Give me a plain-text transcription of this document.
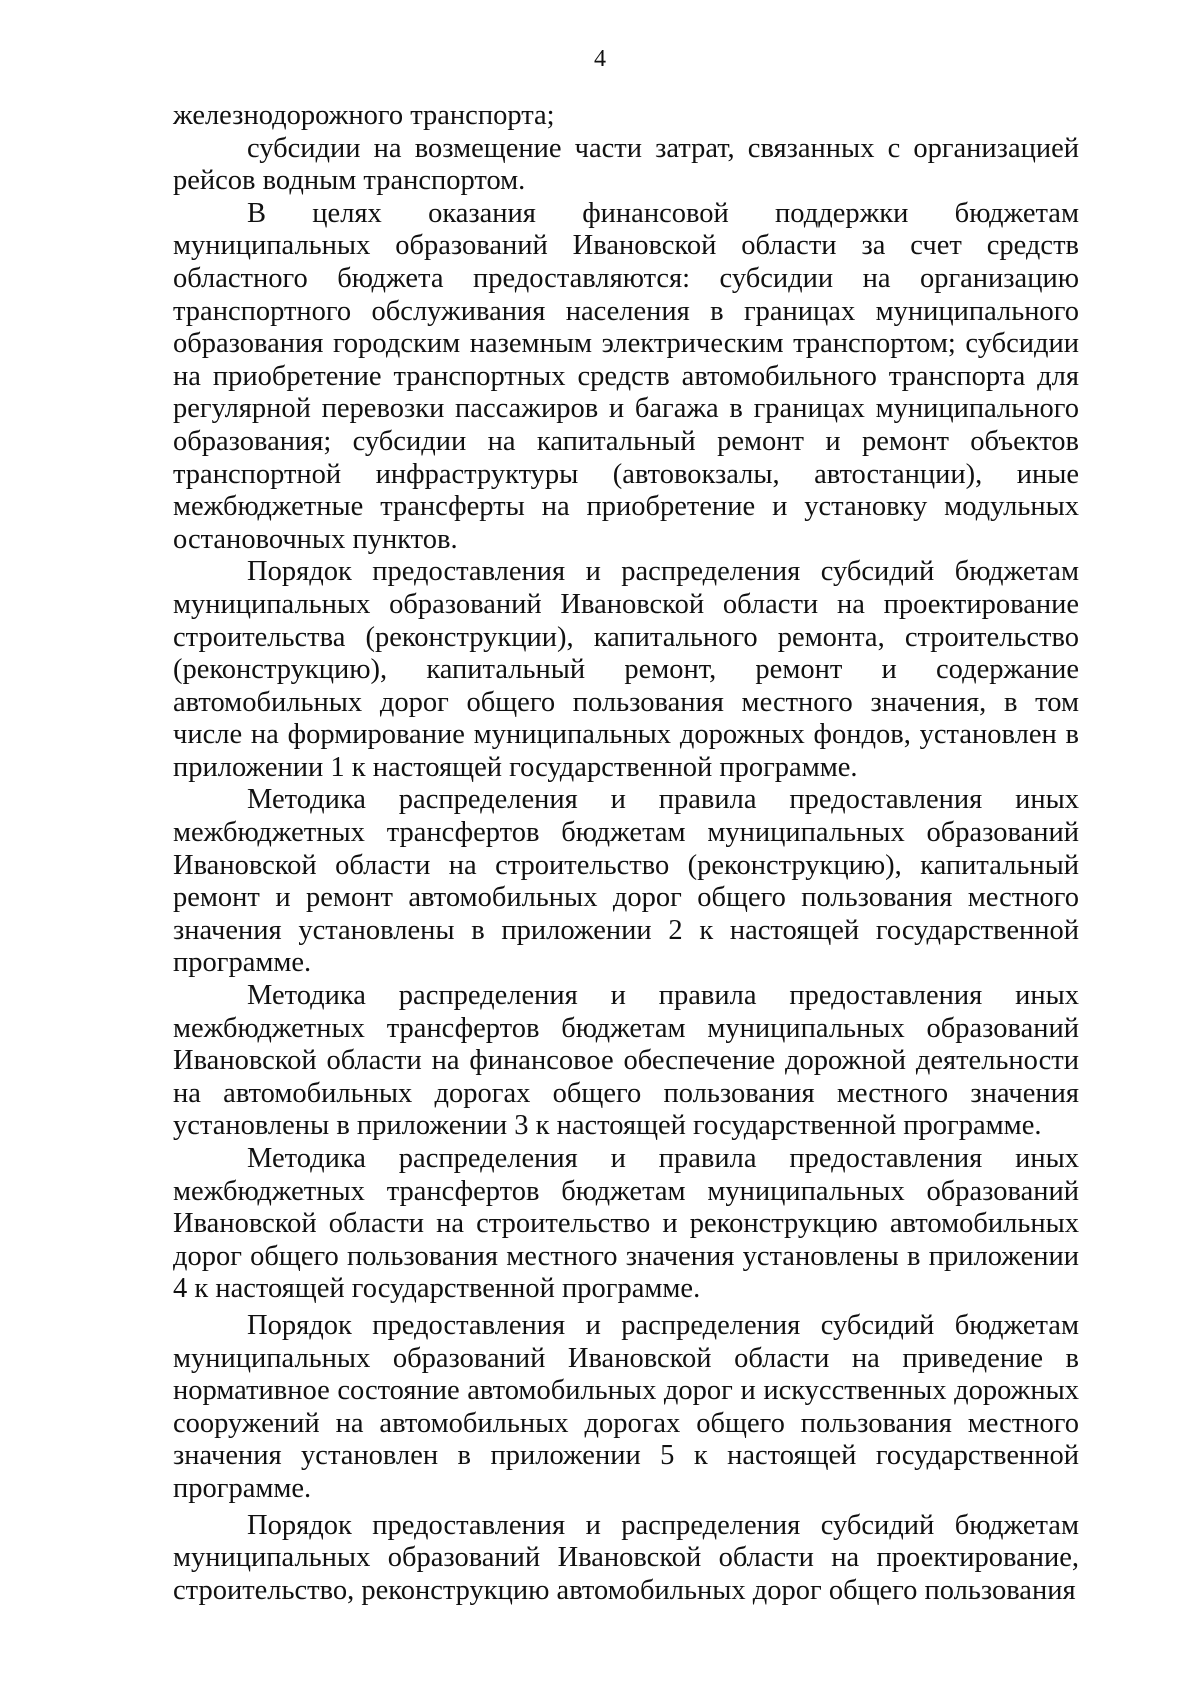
4

железнодорожного транспорта;

субсидии на возмещение части затрат, связанных с организацией рейсов водным транспортом.

В целях оказания финансовой поддержки бюджетам муниципальных образований Ивановской области за счет средств областного бюджета предоставляются: субсидии на организацию транспортного обслуживания населения в границах муниципального образования городским наземным электрическим транспортом; субсидии на приобретение транспортных средств автомобильного транспорта для регулярной перевозки пассажиров и багажа в границах муниципального образования; субсидии на капитальный ремонт и ремонт объектов транспортной инфраструктуры (автовокзалы, автостанции), иные межбюджетные трансферты на приобретение и установку модульных остановочных пунктов.

Порядок предоставления и распределения субсидий бюджетам муниципальных образований Ивановской области на проектирование строительства (реконструкции), капитального ремонта, строительство (реконструкцию), капитальный ремонт, ремонт и содержание автомобильных дорог общего пользования местного значения, в том числе на формирование муниципальных дорожных фондов, установлен в приложении 1 к настоящей государственной программе.

Методика распределения и правила предоставления иных межбюджетных трансфертов бюджетам муниципальных образований Ивановской области на строительство (реконструкцию), капитальный ремонт и ремонт автомобильных дорог общего пользования местного значения установлены в приложении 2 к настоящей государственной программе.

Методика распределения и правила предоставления иных межбюджетных трансфертов бюджетам муниципальных образований Ивановской области на финансовое обеспечение дорожной деятельности на автомобильных дорогах общего пользования местного значения установлены в приложении 3 к настоящей государственной программе.

Методика распределения и правила предоставления иных межбюджетных трансфертов бюджетам муниципальных образований Ивановской области на строительство и реконструкцию автомобильных дорог общего пользования местного значения установлены в приложении 4 к настоящей государственной программе.

Порядок предоставления и распределения субсидий бюджетам муниципальных образований Ивановской области на приведение в нормативное состояние автомобильных дорог и искусственных дорожных сооружений на автомобильных дорогах общего пользования местного значения установлен в приложении 5 к настоящей государственной программе.

Порядок предоставления и распределения субсидий бюджетам муниципальных образований Ивановской области на проектирование, строительство, реконструкцию автомобильных дорог общего пользования
